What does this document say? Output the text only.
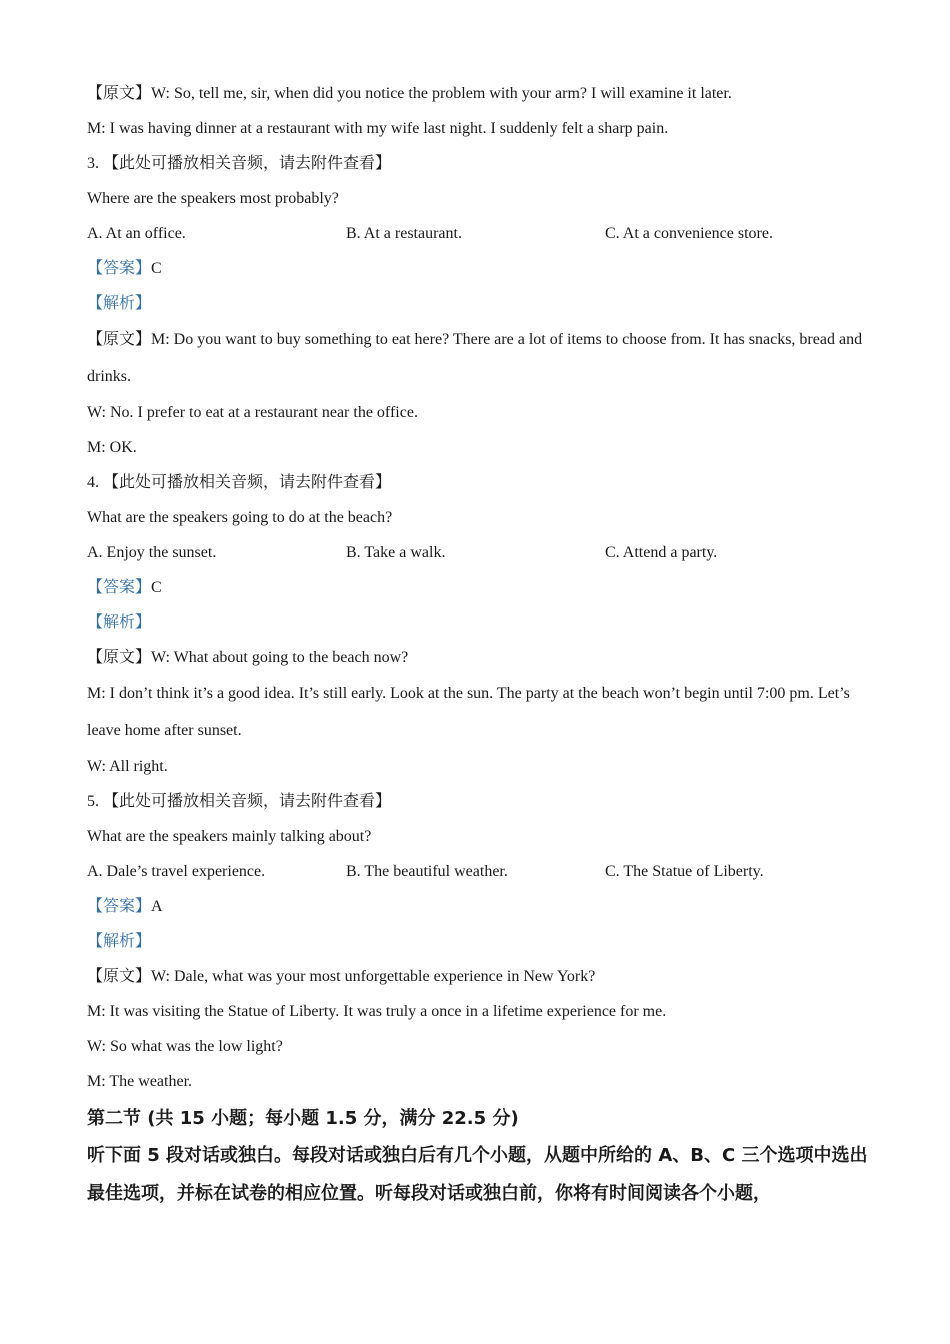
【原文】W: So, tell me, sir, when did you notice the problem with your arm? I will examine it later.
M: I was having dinner at a restaurant with my wife last night. I suddenly felt a sharp pain.
3. 【此处可播放相关音频，请去附件查看】
Where are the speakers most probably?
A. At an office.	B. At a restaurant.	C. At a convenience store.
【答案】C
【解析】
【原文】M: Do you want to buy something to eat here? There are a lot of items to choose from. It has snacks, bread and drinks.
W: No. I prefer to eat at a restaurant near the office.
M: OK.
4. 【此处可播放相关音频，请去附件查看】
What are the speakers going to do at the beach?
A. Enjoy the sunset.	B. Take a walk.	C. Attend a party.
【答案】C
【解析】
【原文】W: What about going to the beach now?
M: I don’t think it’s a good idea. It’s still early. Look at the sun. The party at the beach won’t begin until 7:00 pm. Let’s leave home after sunset.
W: All right.
5. 【此处可播放相关音频，请去附件查看】
What are the speakers mainly talking about?
A. Dale’s travel experience.	B. The beautiful weather.	C. The Statue of Liberty.
【答案】A
【解析】
【原文】W: Dale, what was your most unforgettable experience in New York?
M: It was visiting the Statue of Liberty. It was truly a once in a lifetime experience for me.
W: So what was the low light?
M: The weather.
第二节 (共 15 小题；每小题 1.5 分，满分 22.5 分)
听下面 5 段对话或独白。每段对话或独白后有几个小题，从题中所给的 A、B、C 三个选项中选出最佳选项，并标在试卷的相应位置。听每段对话或独白前，你将有时间阅读各个小题，
